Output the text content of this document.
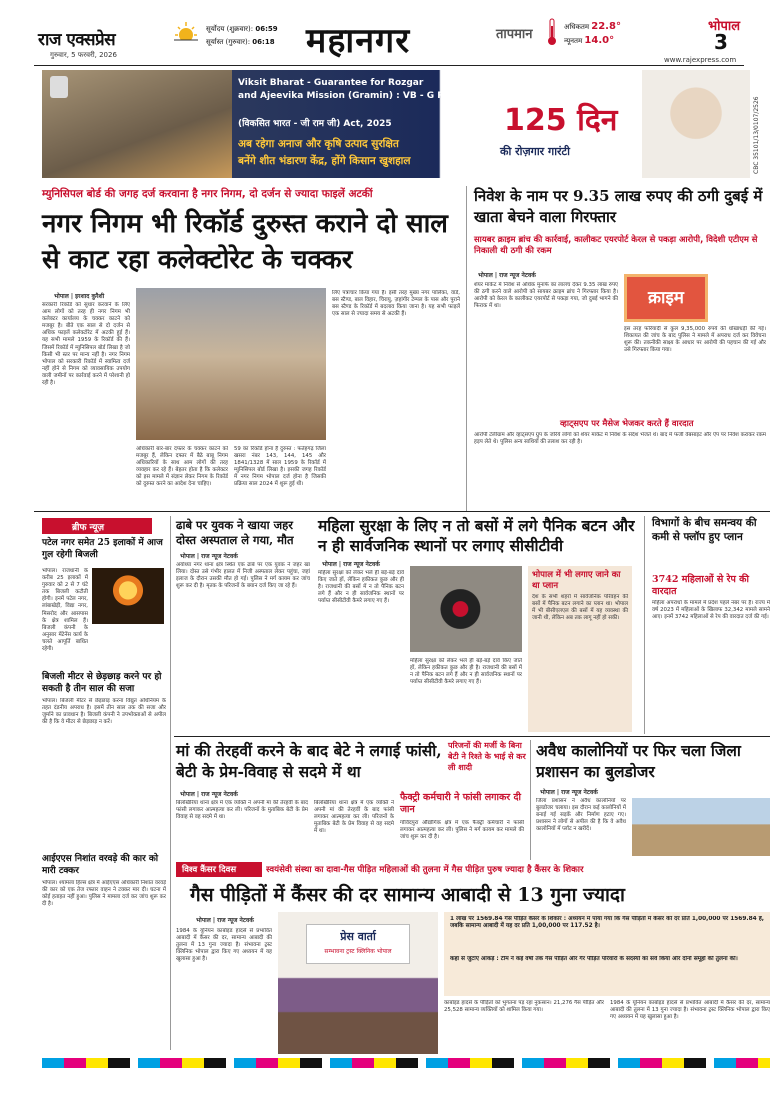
राज एक्सप्रेस
गुरुवार, 5 फरवरी, 2026
सूर्योदय (शुक्रवार): 06:59
सूर्यास्त (गुरुवार): 06:18 महानगर	तापमान	अधिकतम 22.8°
न्यूनतम 14.0°
भोपाल
3
www.rajexpress.com
Viksit Bharat - Guarantee for Rozgar
and Ajeevika Mission (Gramin) : VB - G RAM G
(विकसित भारत - जी राम जी) Act, 2025
अब रहेगा अनाज और कृषि उत्पाद सुरक्षित
बनेंगे शीत भंडारण केंद्र, होंगे किसान खुशहाल
125 दिन
की रोज़गार गारंटी	CBC 35101/13/0107/2526
म्युनिसिपल बोर्ड की जगह दर्ज करवाना है नगर निगम, दो दर्जन से ज्यादा फाइलें अटकीं
नगर निगम भी रिकॉर्ड दुरुस्त कराने दो साल से काट रहा कलेक्टोरेट के चक्कर
भोपाल | इरशाद कुरैशी
सरकारी रिकॉर्ड को सुधार करवाने के लिए आम लोगों को तरह ही नगर निगम भी कलेक्टर कार्यालय के चक्कर काटने को मजबूर है। बीते एक साल से दो दर्जन से अधिक फाइलें कलेक्टोरेट में अटकी हुई हैं। यह सभी मामले 1959 के रिकॉर्ड की हैं। जिसमें रिकॉर्ड में म्युनिसिपल बोर्ड लिखा है जो किसी भी स्तर पर मान्य नहीं है। नगर निगम भोपाल को सरकारी रिकॉर्ड में स्वामित्व दर्ज नहीं होने से निगम को व्यावसायिक उपयोग वाली जमीनों पर कार्रवाई करने में परेशानी हो रही है।
अधिकारी बार-बार दफ्तर के चक्कर काटने को मजबूर हैं, लेकिन दफ्तर में बैठे बाबू निगम अधिकारियों के साथ आम लोगों की तरह व्यवहार कर रहे हैं। बेहतर होता है कि कलेक्टर को इस मामले में संज्ञान लेकर निगम के रिकॉर्ड को दुरुस्त करने का आदेश देना चाहिए।
59 का रिकॉर्ड होना है दुरुस्त : फतेहगढ़ जिला खसरा नंबर 143, 144, 145 और 1841/1328 में साल 1959 के रिकॉर्ड में म्युनिसिपल बोर्ड लिखा है। इसकी जगह रिकॉर्ड में नगर निगम भोपाल दर्ज होना है जिसकी प्रक्रिया साल 2024 में शुरू हुई थी।
लिए पत्राचार किया गया है। इसी तरह मुख्य नगर पालिका, वार्ड, बस स्टैण्ड, बाल विहार, चिरायु, ज़हांगीर टेम्पल के पास और पुराने बस स्टैण्ड के रिकॉर्ड में बदलाव किया जाना है। यह सभी फाइलें एक साल से ज्यादा समय से अटकी हैं।
निवेश के नाम पर 9.35 लाख रुपए की ठगी दुबई में खाता बेचने वाला गिरफ्तार
सायबर क्राइम ब्रांच की कार्रवाई, कालीकट एयरपोर्ट केरल से पकड़ा आरोपी, विदेशी एटीएम से निकाली थी ठगी की रकम
भोपाल | राज न्यूज नेटवर्क
शेयर मार्केट में निवेश से अधिक मुनाफे का लालच देकर 9.35 लाख रुपए की ठगी करने वाले आरोपी को सायबर क्राइम ब्रांच ने गिरफ्तार किया है। आरोपी को केरल के कालीकट एयरपोर्ट से पकड़ा गया, जो दुबई भागने की फिराक में था।	क्राइम
इस तरह फरियादी से कुल 9,35,000 रुपये की धोखाधड़ी की गई। शिकायत की जांच के बाद पुलिस ने मामले में अपराध दर्ज कर विवेचना शुरू की। तकनीकी साक्ष्य के आधार पर आरोपी की पहचान की गई और उसे गिरफ्तार किया गया।
व्हाट्सएप पर मैसेज भेजकर करते हैं वारदात
आरोपी टेलीग्राम और व्हाट्सएप ग्रुप के जरिये लोगों को शेयर मार्केट में निवेश के संदेश भेजते थे। बाद में फर्जी वेबसाइट और ऐप पर निवेश कराकर रकम हड़प लेते थे। पुलिस अन्य साथियों की तलाश कर रही है।
ब्रीफ न्यूज़
पटेल नगर समेत 25 इलाकों में आज गुल रहेगी बिजली
भोपाल। राजधानी के करीब 25 इलाकों में गुरुवार को 2 से 7 घंटे तक बिजली कटौती होगी। इनमें पटेल नगर, लांबाखेड़ी, विद्या नगर, मिसरोद और आसपास के क्षेत्र शामिल हैं। बिजली कंपनी के अनुसार मेंटेनेंस कार्य के चलते आपूर्ति बाधित रहेगी।
बिजली मीटर से छेड़छाड़ करने पर हो सकती है तीन साल की सजा
भोपाल। बिजली मीटर से छेड़छाड़ करना विद्युत अधिनियम के तहत दंडनीय अपराध है। इसमें तीन साल तक की सजा और जुर्माने का प्रावधान है। बिजली कंपनी ने उपभोक्ताओं से अपील की है कि वे मीटर से छेड़छाड़ न करें।
आईएएस निशांत वरवड़े की कार को मारी टक्कर
भोपाल। श्यामला हिल्स क्षेत्र में आईएएस अधिकारी निशांत वरवड़े की कार को एक तेज रफ्तार वाहन ने टक्कर मार दी। घटना में कोई हताहत नहीं हुआ। पुलिस ने मामला दर्ज कर जांच शुरू कर दी है।
ढाबे पर युवक ने खाया जहर दोस्त अस्पताल ले गया, मौत
भोपाल | राज न्यूज नेटवर्क
अयोध्या नगर थाना क्षेत्र स्थित एक ढाबे पर एक युवक ने जहर खा लिया। दोस्त उसे गंभीर हालत में निजी अस्पताल लेकर पहुंचा, जहां इलाज के दौरान उसकी मौत हो गई। पुलिस ने मर्ग कायम कर जांच शुरू कर दी है। मृतक के परिजनों के बयान दर्ज किए जा रहे हैं।
महिला सुरक्षा के लिए न तो बसों में लगे पैनिक बटन और न ही सार्वजनिक स्थानों पर लगाए सीसीटीवी
भोपाल | राज न्यूज नेटवर्क
महिला सुरक्षा को लेकर भले ही बड़े-बड़े दावे किए जाते हों, लेकिन हकीकत कुछ और ही है। राजधानी की बसों में न तो पैनिक बटन लगे हैं और न ही सार्वजनिक स्थानों पर पर्याप्त सीसीटीवी कैमरे लगाए गए हैं।
भोपाल में भी लगाए जाने का था प्लान
देश के सभी शहरों में सार्वजनिक परिवहन की बसों में पैनिक बटन लगाने का प्लान था। भोपाल में भी बीसीएलएल की बसों में यह व्यवस्था की जानी थी, लेकिन अब तक लागू नहीं हो सकी।
महिला सुरक्षा को लेकर भले ही बड़े-बड़े दावे किए जाते हों, लेकिन हकीकत कुछ और ही है। राजधानी की बसों में न तो पैनिक बटन लगे हैं और न ही सार्वजनिक स्थानों पर पर्याप्त सीसीटीवी कैमरे लगाए गए हैं।
विभागों के बीच समन्वय की कमी से फ्लॉप हुए प्लान
3742 महिलाओं से रेप की वारदात
महिला अपराधों के मामले में प्रदेश पहले नंबर पर है। राज्य में वर्ष 2023 में महिलाओं के खिलाफ 32,342 मामले सामने आए। इनमें 3742 महिलाओं से रेप की वारदात दर्ज की गई।
मां की तेरहवीं करने के बाद बेटे ने लगाई फांसी, बेटी के प्रेम-विवाह से सदमे में था
परिजनों की मर्जी के बिना बेटी ने रिश्ते के भाई से कर ली शादी
भोपाल | राज न्यूज नेटवर्क
बिलखिरिया थाना क्षेत्र में एक व्यक्ति ने अपनी मां की तेरहवीं के बाद फांसी लगाकर आत्महत्या कर ली। परिजनों के मुताबिक बेटी के प्रेम विवाह से वह सदमे में था।
बिलखिरिया थाना क्षेत्र में एक व्यक्ति ने अपनी मां की तेरहवीं के बाद फांसी लगाकर आत्महत्या कर ली। परिजनों के मुताबिक बेटी के प्रेम विवाह से वह सदमे में था।
फैक्ट्री कर्मचारी ने फांसी लगाकर दी जान
गोविंदपुरा औद्योगिक क्षेत्र में एक फैक्ट्री कर्मचारी ने फांसी लगाकर आत्महत्या कर ली। पुलिस ने मर्ग कायम कर मामले की जांच शुरू कर दी है।
अवैध कालोनियों पर फिर चला जिला प्रशासन का बुलडोजर
भोपाल | राज न्यूज नेटवर्क
जिला प्रशासन ने अवैध कालोनियों पर बुलडोजर चलाया। इस दौरान कई कालोनियों में बनाई गई सड़कें और निर्माण हटाए गए। प्रशासन ने लोगों से अपील की है कि वे अवैध कालोनियों में प्लॉट न खरीदें।
विश्व कैंसर दिवस	स्वयंसेवी संस्था का दावा-गैस पीड़ित महिलाओं की तुलना में गैस पीड़ित पुरुष ज्यादा है कैंसर के शिकार
गैस पीड़ितों में कैंसर की दर सामान्य आबादी से 13 गुना ज्यादा
भोपाल | राज न्यूज नेटवर्क
1984 के यूनियन कार्बाइड हादसे से प्रभावित आबादी में कैंसर की दर, सामान्य आबादी की तुलना में 13 गुना ज्यादा है। संभावना ट्रस्ट क्लिनिक भोपाल द्वारा किए गए अध्ययन में यह खुलासा हुआ है।
प्रेस वार्ता
सम्भावना ट्रस्ट क्लिनिक भोपाल
1 लाख पर 1569.84 गैस पीड़ित कैंसर के शिकार : अध्ययन में पाया गया कि गैस पीड़ितों में कैंसर की दर प्रति 1,00,000 पर 1569.84 है, जबकि सामान्य आबादी में यह दर प्रति 1,00,000 पर 117.52 है।
कहां से जुटाए आंकड़े : टीम ने कई वर्षों तक गैस पीड़ित और गैर पीड़ित परिवारों के सदस्यों का सर्वे किया और दोनों समूहों की तुलना की।
कार्बाइड हादसे के पीड़ितों को भुगतना पड़ रहा नुकसान। 21,276 गैस पीड़ित और 25,528 सामान्य व्यक्तियों को शामिल किया गया।
1984 के यूनियन कार्बाइड हादसे से प्रभावित आबादी में कैंसर की दर, सामान्य आबादी की तुलना में 13 गुना ज्यादा है। संभावना ट्रस्ट क्लिनिक भोपाल द्वारा किए गए अध्ययन में यह खुलासा हुआ है।
